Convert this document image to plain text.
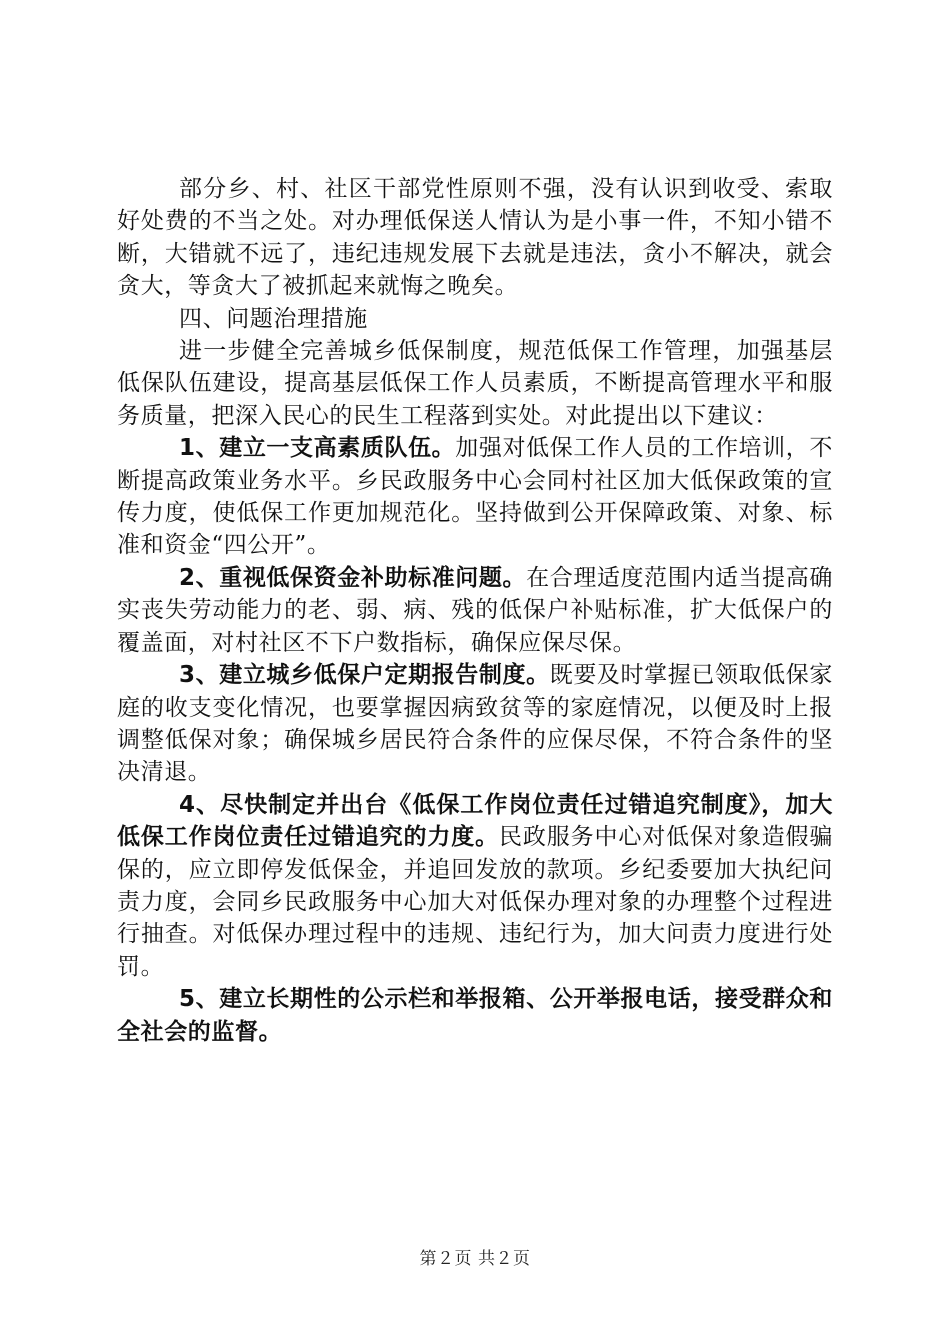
部分乡、村、社区干部党性原则不强，没有认识到收受、索取好处费的不当之处。对办理低保送人情认为是小事一件，不知小错不断，大错就不远了，违纪违规发展下去就是违法，贪小不解决，就会贪大，等贪大了被抓起来就悔之晚矣。

四、问题治理措施

进一步健全完善城乡低保制度，规范低保工作管理，加强基层低保队伍建设，提高基层低保工作人员素质，不断提高管理水平和服务质量，把深入民心的民生工程落到实处。对此提出以下建议：

1、建立一支高素质队伍。加强对低保工作人员的工作培训，不断提高政策业务水平。乡民政服务中心会同村社区加大低保政策的宣传力度，使低保工作更加规范化。坚持做到公开保障政策、对象、标准和资金“四公开”。

2、重视低保资金补助标准问题。在合理适度范围内适当提高确实丧失劳动能力的老、弱、病、残的低保户补贴标准，扩大低保户的覆盖面，对村社区不下户数指标，确保应保尽保。

3、建立城乡低保户定期报告制度。既要及时掌握已领取低保家庭的收支变化情况，也要掌握因病致贫等的家庭情况，以便及时上报调整低保对象；确保城乡居民符合条件的应保尽保，不符合条件的坚决清退。

4、尽快制定并出台《低保工作岗位责任过错追究制度》，加大低保工作岗位责任过错追究的力度。民政服务中心对低保对象造假骗保的，应立即停发低保金，并追回发放的款项。乡纪委要加大执纪问责力度，会同乡民政服务中心加大对低保办理对象的办理整个过程进行抽查。对低保办理过程中的违规、违纪行为，加大问责力度进行处罚。

5、建立长期性的公示栏和举报箱、公开举报电话，接受群众和全社会的监督。

第２页 共２页
